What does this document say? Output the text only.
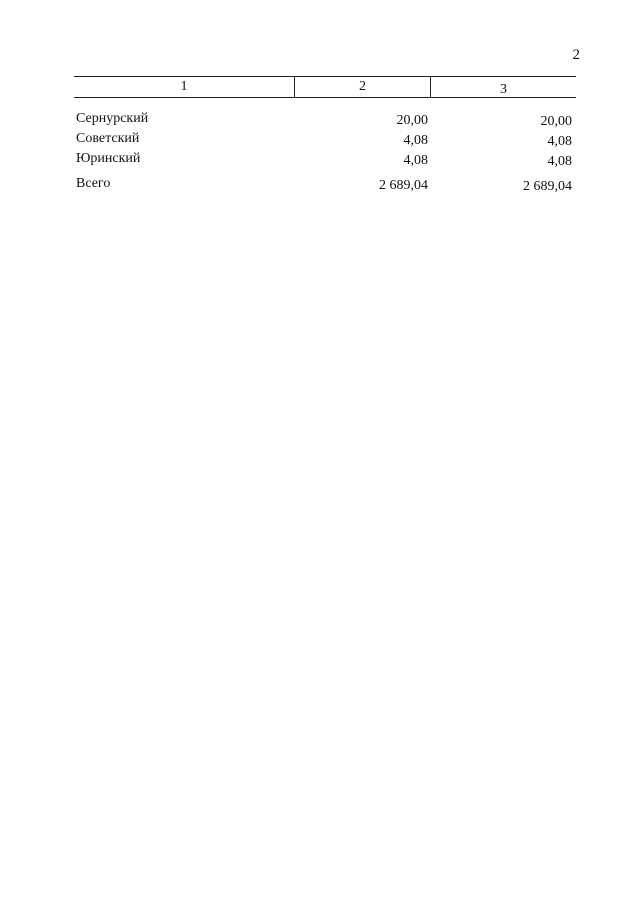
2
1	2	3
Сернурский	20,00	20,00
Советский	4,08	4,08
Юринский	4,08	4,08
Всего	2 689,04	2 689,04
